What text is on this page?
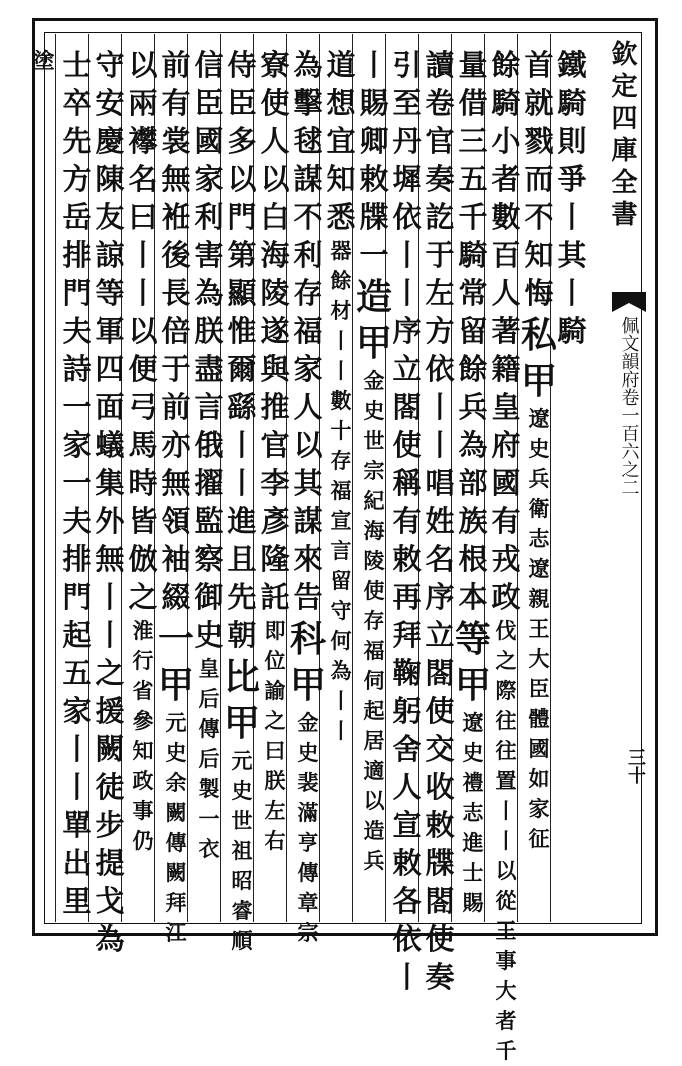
欽定四庫全書
佩文韻府
卷一百六之二
三十
鐵
騎
則
爭
丨
其
丨
騎
首
就
戮
而
不
知
悔
私
甲
遼
史
兵
衛
志
遼
親
王
大
臣
體
國
如
家
征
餘
騎
小
者
數
百
人
著
籍
皇
府
國
有
戎
政
伐
之
際
往
往
置
丨
丨
以
從
王
事
大
者
千
量
借
三
五
千
騎
常
留
餘
兵
為
部
族
根
本
等
甲
遼
史
禮
志
進
士
賜
讀
卷
官
奏
訖
于
左
方
依
丨
丨
唱
姓
名
序
立
閤
使
交
收
敕
牒
閤
使
奏
引
至
丹
墀
依
丨
丨
序
立
閤
使
稱
有
敕
再
拜
鞠
躬
舍
人
宣
敕
各
依
丨
丨
賜
卿
敕
牒
一
造
甲
金
史
世
宗
紀
海
陵
使
存
福
伺
起
居
適
以
造
兵
道
想
宜
知
悉
器
餘
材
丨
丨
數
十
存
福
宣
言
留
守
何
為
丨
丨
為
擊
毬
謀
不
利
存
福
家
人
以
其
謀
來
告
科
甲
金
史
裴
滿
亨
傳
章
宗
寮
使
人
以
白
海
陵
遂
與
推
官
李
彥
隆
託
即
位
諭
之
曰
朕
左
右
侍
臣
多
以
門
第
顯
惟
爾
繇
丨
丨
進
且
先
朝
比
甲
元
史
世
祖
昭
睿
順
信
臣
國
家
利
害
為
朕
盡
言
俄
擢
監
察
御
史
皇
后
傳
后
製
一
衣
前
有
裳
無
袵
後
長
倍
于
前
亦
無
領
袖
綴
一
甲
元
史
余
闕
傳
闕
拜
江
以
兩
襻
名
曰
丨
丨
以
便
弓
馬
時
皆
倣
之
淮
行
省
參
知
政
事
仍
守
安
慶
陳
友
諒
等
軍
四
面
蟻
集
外
無
丨
丨
之
援
闕
徒
步
提
戈
為
士
卒
先
方
岳
排
門
夫
詩
一
家
一
夫
排
門
起
五
家
丨
丨
單
出
里
塗
